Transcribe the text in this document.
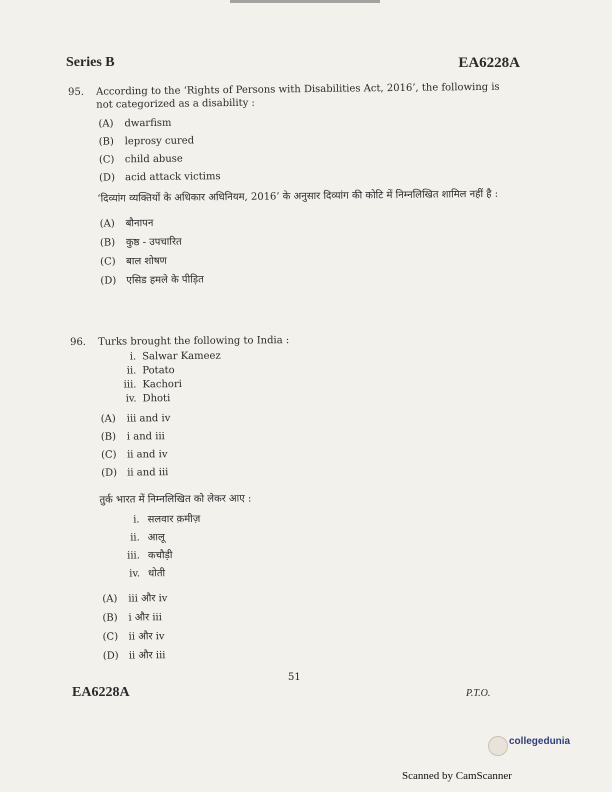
Series B	EA6228A
95. According to the ‘Rights of Persons with Disabilities Act, 2016’, the following is not categorized as a disability :
(A) dwarfism
(B) leprosy cured
(C) child abuse
(D) acid attack victims
‘दिव्यांग व्यक्तियों के अधिकार अधिनियम, 2016’ के अनुसार दिव्यांग की कोटि में निम्नलिखित शामिल नहीं है :
(A) बौनापन
(B) कुष्ठ - उपचारित
(C) बाल शोषण
(D) एसिड हमले के पीड़ित
96. Turks brought the following to India :
i. Salwar Kameez
ii. Potato
iii. Kachori
iv. Dhoti
(A) iii and iv
(B) i and iii
(C) ii and iv
(D) ii and iii
तुर्क भारत में निम्नलिखित को लेकर आए :
i. सलवार क़मीज़
ii. आलू
iii. कचौड़ी
iv. धोती
(A) iii और iv
(B) i और iii
(C) ii और iv
(D) ii और iii
51
EA6228A	P.T.O.
collegedunia
Scanned by CamScanner
